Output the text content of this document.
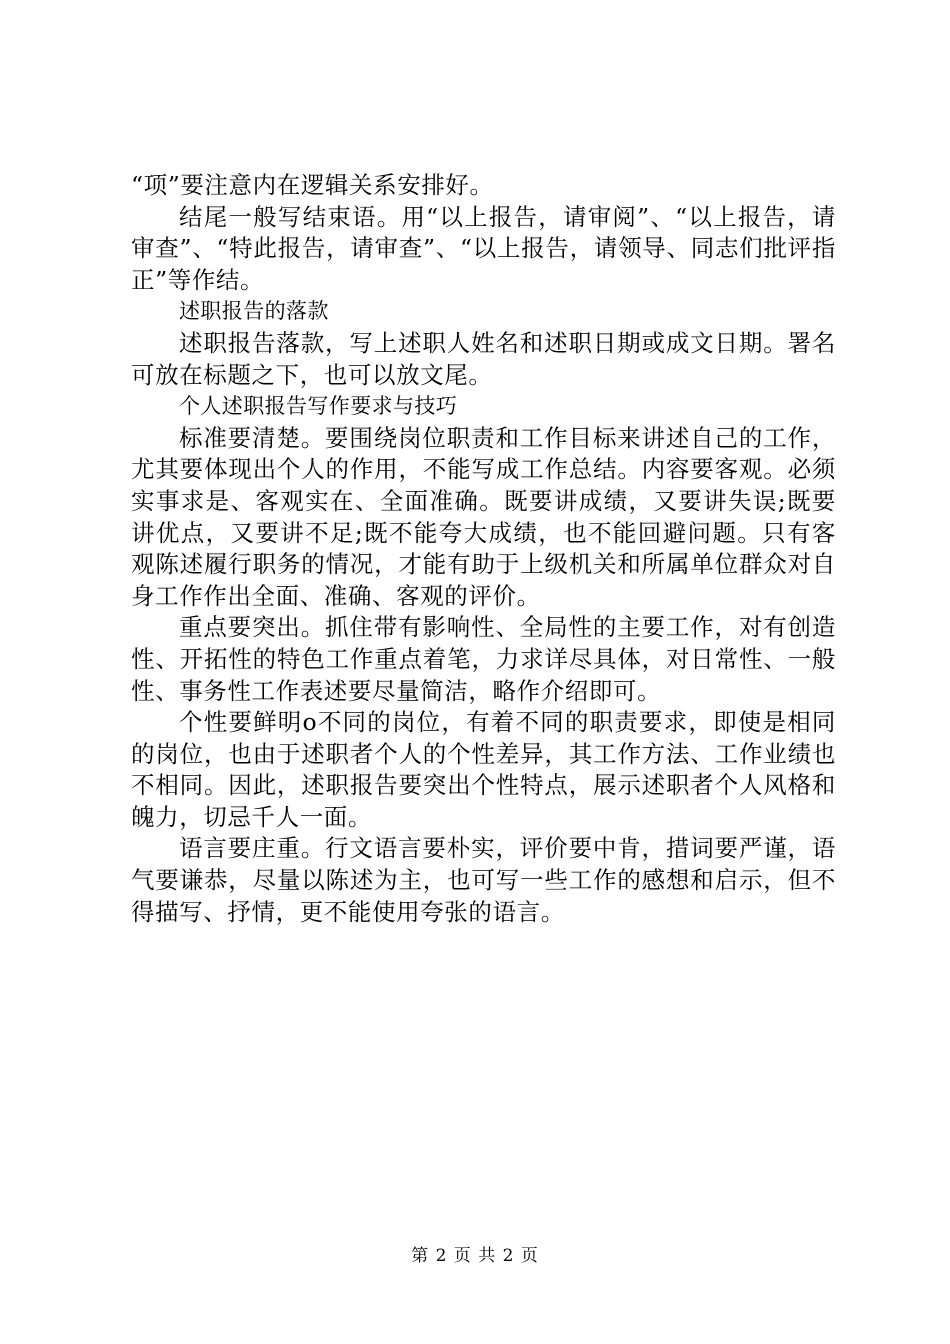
“项”要注意内在逻辑关系安排好。

结尾一般写结束语。用“以上报告，请审阅”、“以上报告，请审查”、“特此报告，请审查”、“以上报告，请领导、同志们批评指正”等作结。

述职报告的落款

述职报告落款，写上述职人姓名和述职日期或成文日期。署名可放在标题之下，也可以放文尾。

个人述职报告写作要求与技巧

标准要清楚。要围绕岗位职责和工作目标来讲述自己的工作，尤其要体现出个人的作用，不能写成工作总结。内容要客观。必须实事求是、客观实在、全面准确。既要讲成绩，又要讲失误;既要讲优点，又要讲不足;既不能夸大成绩，也不能回避问题。只有客观陈述履行职务的情况，才能有助于上级机关和所属单位群众对自身工作作出全面、准确、客观的评价。

重点要突出。抓住带有影响性、全局性的主要工作，对有创造性、开拓性的特色工作重点着笔，力求详尽具体，对日常性、一般性、事务性工作表述要尽量简洁，略作介绍即可。

个性要鲜明o不同的岗位，有着不同的职责要求，即使是相同的岗位，也由于述职者个人的个性差异，其工作方法、工作业绩也不相同。因此，述职报告要突出个性特点，展示述职者个人风格和魄力，切忌千人一面。

语言要庄重。行文语言要朴实，评价要中肯，措词要严谨，语气要谦恭，尽量以陈述为主，也可写一些工作的感想和启示，但不得描写、抒情，更不能使用夸张的语言。

第 2 页 共 2 页
